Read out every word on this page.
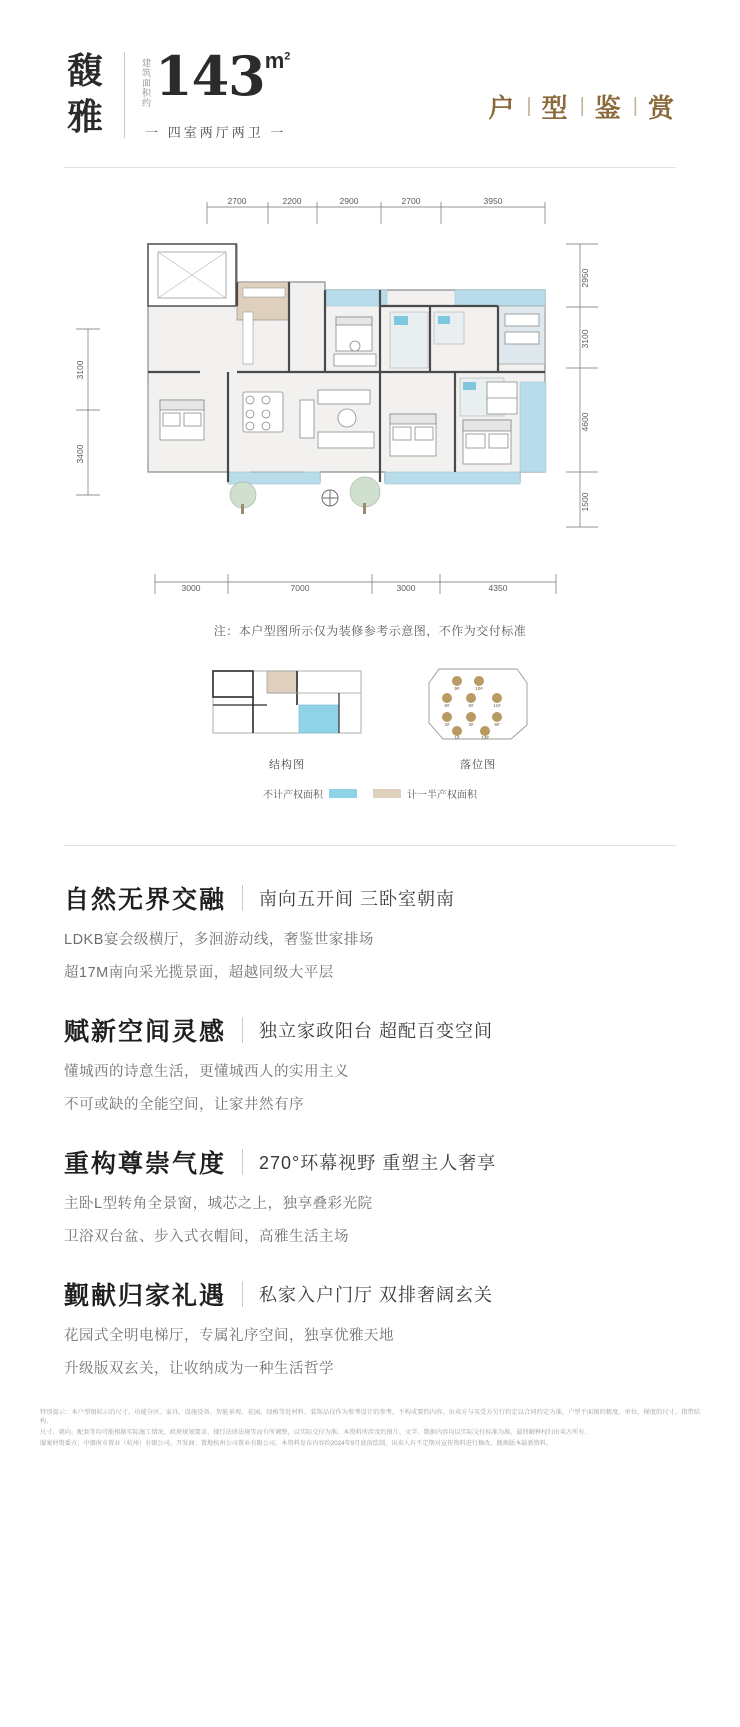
馥
雅
建筑面积约 143 $m^2$
一 四室两厅两卫 一
户 | 型 | 鉴 | 赏
2700	2200	2900	2700	3950
2950
3100
4600
1500
3100
3400
3000	7000	3000	4350
注：本户型图所示仅为装修参考示意图，不作为交付标准
结构图
9#	10#
6#	5#	11#
2#	3#	8#
1#	13#
落位图
不计产权面积	计一半产权面积
自然无界交融 南向五开间 三卧室朝南
LDKB宴会级横厅，多洄游动线，奢鉴世家排场
超17M南向采光揽景面，超越同级大平层
赋新空间灵感 独立家政阳台 超配百变空间
懂城西的诗意生活，更懂城西人的实用主义
不可或缺的全能空间，让家井然有序
重构尊崇气度 270°环幕视野 重塑主人奢享
主卧L型转角全景窗，城芯之上，独享叠彩光院
卫浴双台盆、步入式衣帽间，高雅生活主场
觐献归家礼遇 私家入户门厅 双排奢阔玄关
花园式全明电梯厅，专属礼序空间，独享优雅天地
升级版双玄关，让收纳成为一种生活哲学

特别提示：本户型图标示的尺寸、功能分区、家具、设施设备、智能景观、花园、绿植等处材料、装饰品仅作为参考设计的参考，不构成要约内容，出卖方与买受方另行约定以合同约定为准，户型平面图的精度、单位、梯度的尺寸、指带结构、

尺寸、朝向、配套等均可能根据实际施工情况、政府规划要求、现行法律法规等而有所调整，以实际交付为准。本资料所涉及的图片、文字、数据内容均以实际交付标准为准，最终解释权归出卖方所有。

服案材资委方：中烟南市置业（杭州）有限公司。开发商：置地杭州公司置业有限公司。本资料发布内容约2024年9月底前绘制，出卖人有不定期对宣传资料进行修改、撤换版本最新资料。
